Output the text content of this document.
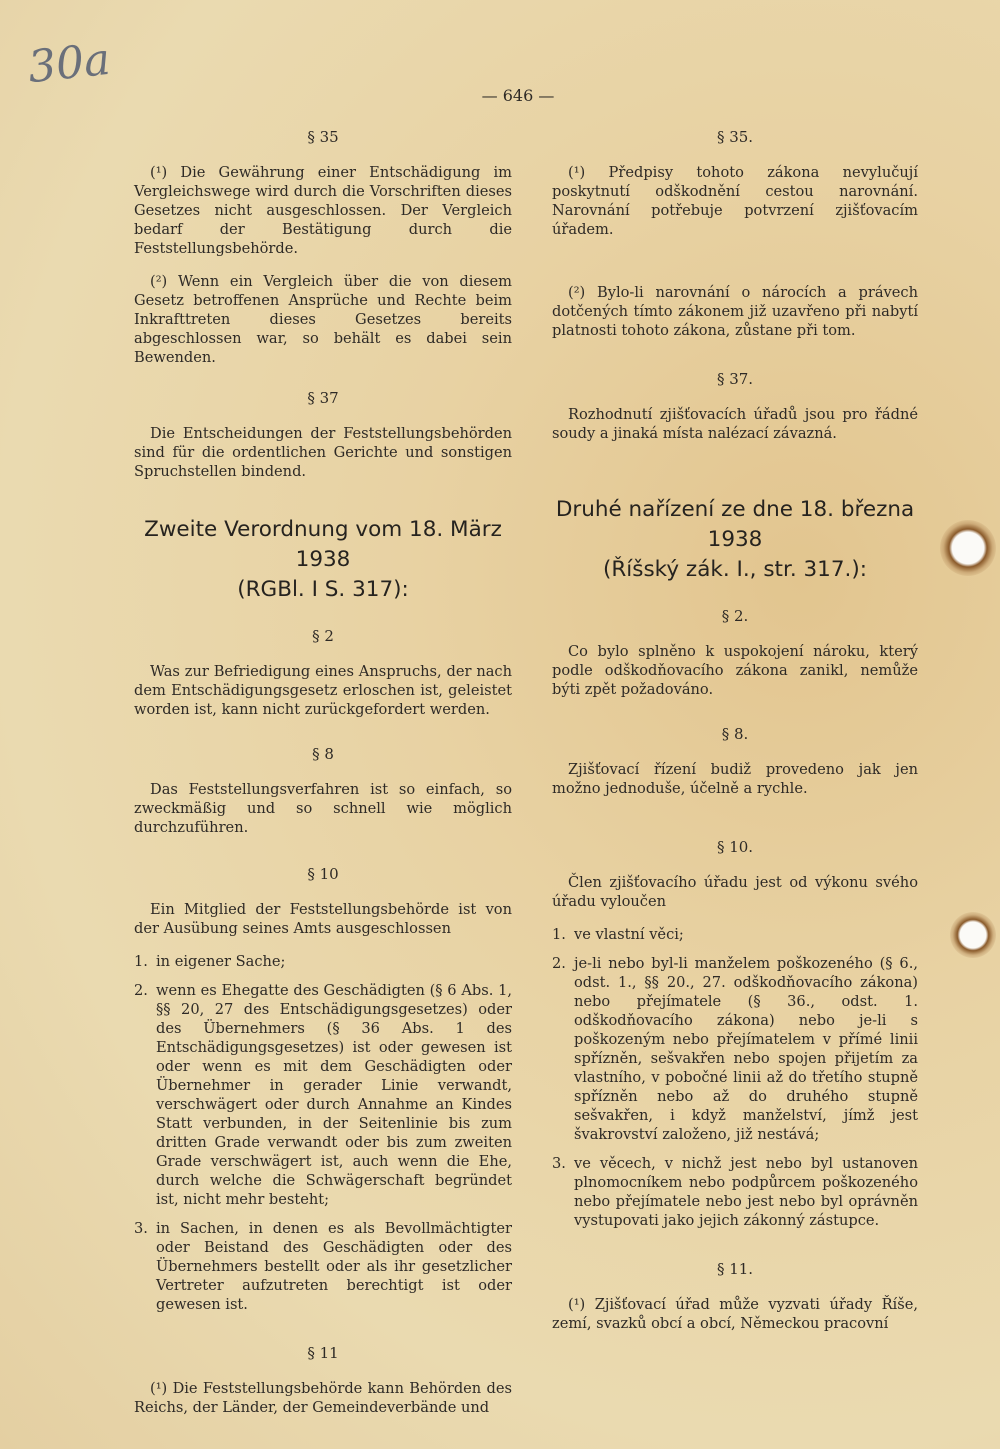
30a
— 646 —
§ 35

(¹) Die Gewährung einer Entschädigung im Vergleichswege wird durch die Vorschriften dieses Gesetzes nicht ausgeschlossen. Der Vergleich bedarf der Bestätigung durch die Feststellungsbehörde.

(²) Wenn ein Vergleich über die von diesem Gesetz betroffenen Ansprüche und Rechte beim Inkrafttreten dieses Gesetzes bereits abgeschlossen war, so behält es dabei sein Bewenden.

§ 37

Die Entscheidungen der Feststellungsbehörden sind für die ordentlichen Gerichte und sonstigen Spruchstellen bindend.

Zweite Verordnung vom 18. März 1938
(RGBl. I S. 317):
§ 2

Was zur Befriedigung eines Anspruchs, der nach dem Entschädigungsgesetz erloschen ist, geleistet worden ist, kann nicht zurückgefordert werden.

§ 8

Das Feststellungsverfahren ist so einfach, so zweckmäßig und so schnell wie möglich durchzuführen.

§ 10

Ein Mitglied der Feststellungsbehörde ist von der Ausübung seines Amts ausgeschlossen

1. in eigener Sache;
2. wenn es Ehegatte des Geschädigten (§ 6 Abs. 1, §§ 20, 27 des Entschädigungsgesetzes) oder des Übernehmers (§ 36 Abs. 1 des Entschädigungsgesetzes) ist oder gewesen ist oder wenn es mit dem Geschädigten oder Übernehmer in gerader Linie verwandt, verschwägert oder durch Annahme an Kindes Statt verbunden, in der Seitenlinie bis zum dritten Grade verwandt oder bis zum zweiten Grade verschwägert ist, auch wenn die Ehe, durch welche die Schwägerschaft begründet ist, nicht mehr besteht;
3. in Sachen, in denen es als Bevollmächtigter oder Beistand des Geschädigten oder des Übernehmers bestellt oder als ihr gesetzlicher Vertreter aufzutreten berechtigt ist oder gewesen ist.
§ 11

(¹) Die Feststellungsbehörde kann Behörden des Reichs, der Länder, der Gemeindeverbände und

§ 35.

(¹) Předpisy tohoto zákona nevylučují poskytnutí odškodnění cestou narovnání. Narovnání potřebuje potvrzení zjišťovacím úřadem.

(²) Bylo-li narovnání o nárocích a právech dotčených tímto zákonem již uzavřeno při nabytí platnosti tohoto zákona, zůstane při tom.

§ 37.

Rozhodnutí zjišťovacích úřadů jsou pro řádné soudy a jinaká místa nalézací závazná.

Druhé nařízení ze dne 18. března 1938
(Říšský zák. I., str. 317.):
§ 2.

Co bylo splněno k uspokojení nároku, který podle odškodňovacího zákona zanikl, nemůže býti zpět požadováno.

§ 8.

Zjišťovací řízení budiž provedeno jak jen možno jednoduše, účelně a rychle.

§ 10.

Člen zjišťovacího úřadu jest od výkonu svého úřadu vyloučen

1. ve vlastní věci;
2. je-li nebo byl-li manželem poškozeného (§ 6., odst. 1., §§ 20., 27. odškodňovacího zákona) nebo přejímatele (§ 36., odst. 1. odškodňovacího zákona) nebo je-li s poškozeným nebo přejímatelem v přímé linii spřízněn, sešvakřen nebo spojen přijetím za vlastního, v pobočné linii až do třetího stupně spřízněn nebo až do druhého stupně sešvakřen, i když manželství, jímž jest švakrovství založeno, již nestává;
3. ve věcech, v nichž jest nebo byl ustanoven plnomocníkem nebo podpůrcem poškozeného nebo přejímatele nebo jest nebo byl oprávněn vystupovati jako jejich zákonný zástupce.
§ 11.

(¹) Zjišťovací úřad může vyzvati úřady Říše, zemí, svazků obcí a obcí, Německou pracovní
